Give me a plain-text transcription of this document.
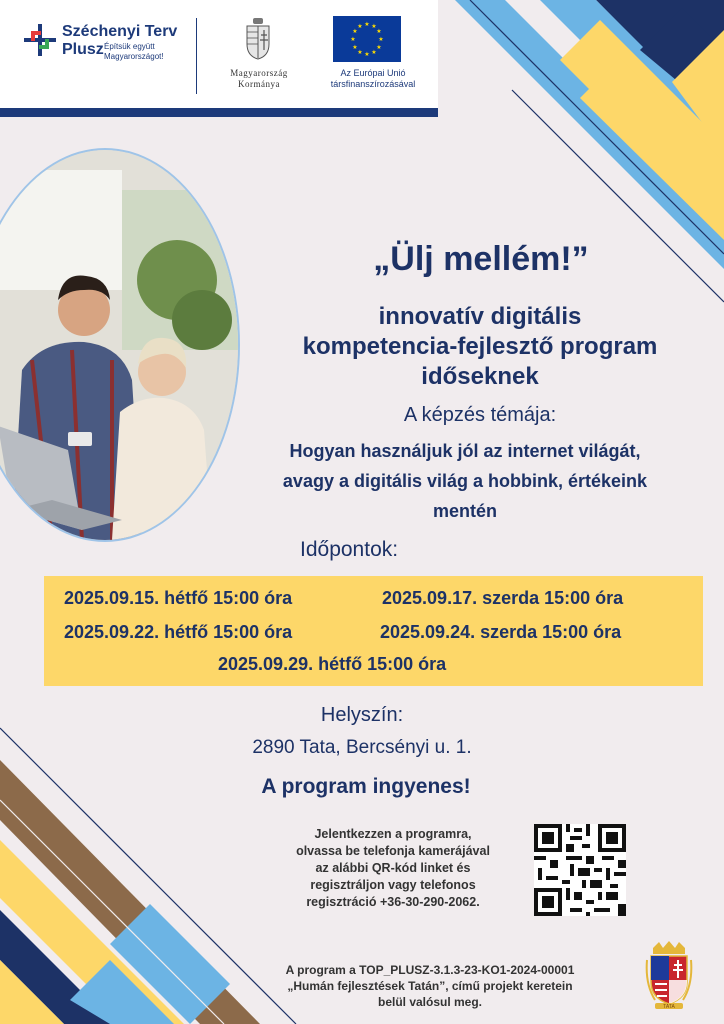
Széchenyi Terv
Plusz Építsük együtt
Magyarországot!
Magyarország
Kormánya
★ ★
★
★
★
★
★
★
★
★
★
★
Az Európai Unió
társfinanszírozásával
„Ülj mellém!”
innovatív digitális
kompetencia-fejlesztő program
időseknek
A képzés témája:
Hogyan használjuk jól az internet világát,
avagy a digitális világ a hobbink, értékeink
mentén
Időpontok:
2025.09.15. hétfő 15:00 óra	2025.09.17. szerda 15:00 óra
2025.09.22. hétfő 15:00 óra	2025.09.24. szerda 15:00 óra
2025.09.29. hétfő 15:00 óra
Helyszín:
2890 Tata, Bercsényi u. 1.
A program ingyenes!
Jelentkezzen a programra,
olvassa be telefonja kamerájával
az alábbi QR-kód linket és
regisztráljon vagy telefonos
regisztráció +36-30-290-2062.
A program a TOP_PLUSZ-3.1.3-23-KO1-2024-00001
„Humán fejlesztések Tatán”, című projekt keretein
belül valósul meg.	TATA
